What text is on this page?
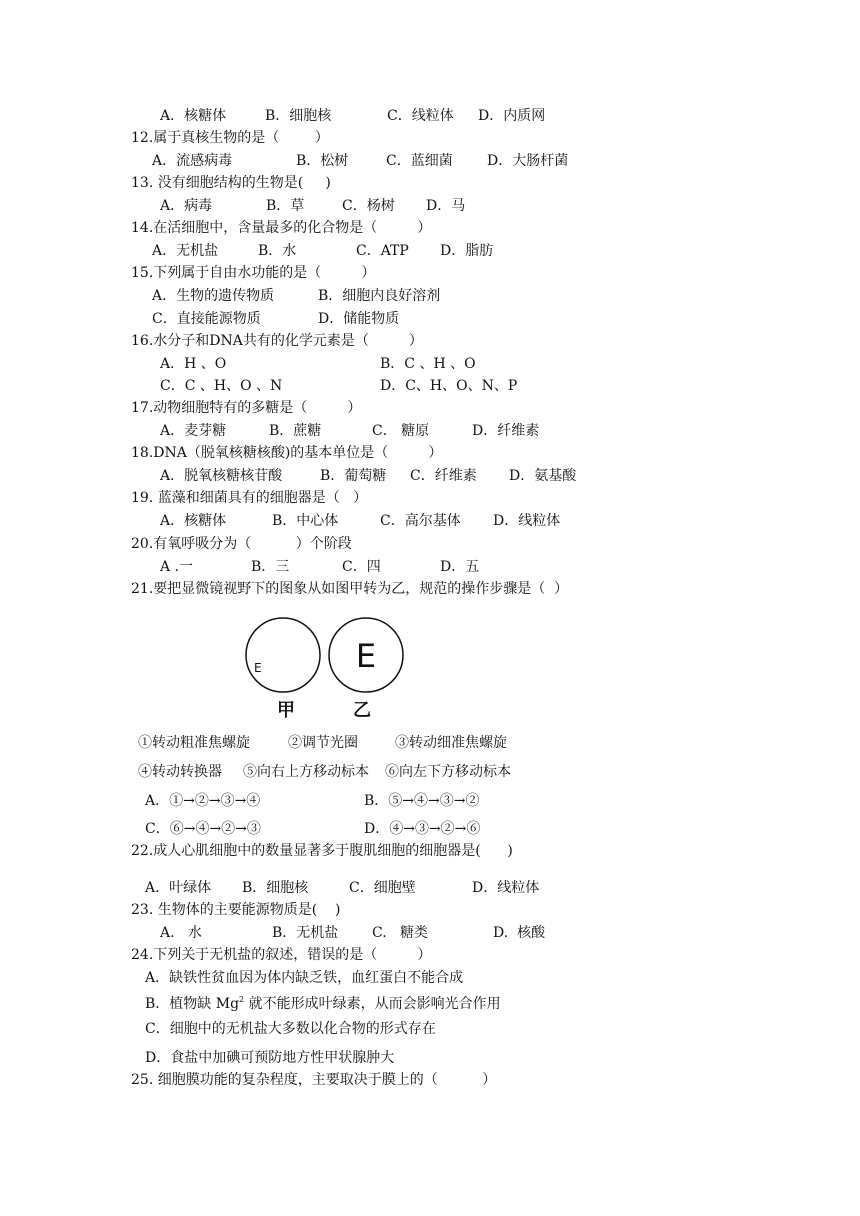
A．核糖体	B．细胞核	C．线粒体 D．内质网
12.属于真核生物的是（        ）
A．流感病毒	B．松树	C．蓝细菌 D．大肠杆菌
13. 没有细胞结构的生物是(     )
A．病毒	B．草	C．杨树 D．马
14.在活细胞中，含量最多的化合物是（         ）
A．无机盐	B．水	C．ATP D．脂肪
15.下列属于自由水功能的是（         ）
A．生物的遗传物质	B．细胞内良好溶剂
C．直接能源物质	D．储能物质
16.水分子和DNA共有的化学元素是（         ）
A．H 、O	B．C 、H 、O
C．C 、H、O 、N	D．C、H、O、N、P
17.动物细胞特有的多糖是（         ）
A．麦芽糖	B．蔗糖	C． 糖原	D．纤维素
18.DNA（脱氧核糖核酸)的基本单位是（         ）
A．脱氧核糖核苷酸	B．葡萄糖 C．纤维素 D．氨基酸
19. 蓝藻和细菌具有的细胞器是（   ）
A．核糖体	B．中心体	C．高尔基体 D．线粒体
20.有氧呼吸分为（          ）个阶段
A .一	B．三	C．四	D．五
21.要把显微镜视野下的图象从如图甲转为乙，规范的操作步骤是（  ）
E	E
甲	乙
①转动粗准焦螺旋	②调节光圈	③转动细准焦螺旋
④转动转换器 ⑤向右上方移动标本 ⑥向左下方移动标本
A．①→②→③→④	B．⑤→④→③→②
C．⑥→④→②→③	D．④→③→②→⑥
22.成人心肌细胞中的数量显著多于腹肌细胞的细胞器是(      )
A．叶绿体 B．细胞核	C．细胞壁	D．线粒体
23. 生物体的主要能源物质是(    )
A.   水	B．无机盐 C.   糖类	D.  核酸
24.下列关于无机盐的叙述，错误的是（         ）
A．缺铁性贫血因为体内缺乏铁，血红蛋白不能合成
B．植物缺 Mg$^2$ 就不能形成叶绿素，从而会影响光合作用
C．细胞中的无机盐大多数以化合物的形式存在
D．食盐中加碘可预防地方性甲状腺肿大
25. 细胞膜功能的复杂程度，主要取决于膜上的（          ）
